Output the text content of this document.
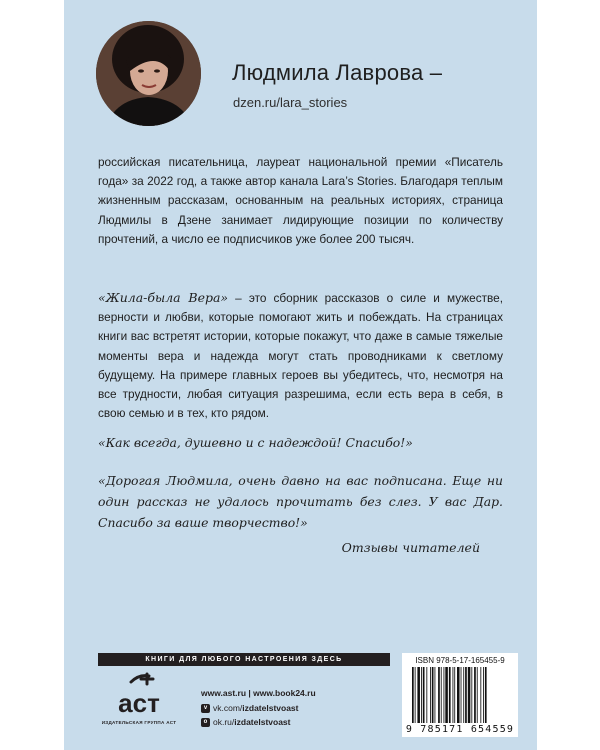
Людмила Лаврова –
dzen.ru/lara_stories

российская писательница, лауреат национальной премии «Писатель года» за 2022 год, а также автор канала Lara’s Stories. Благодаря теплым жизненным рассказам, основанным на реальных историях, страница Людмилы в Дзене занимает лидирующие позиции по количеству прочтений, а число ее подписчиков уже более 200 тысяч.

«Жила-была Вера» – это сборник рассказов о силе и мужестве, верности и любви, которые помогают жить и побеждать. На страницах книги вас встретят истории, которые покажут, что даже в самые тяжелые моменты вера и надежда могут стать проводниками к светлому будущему. На примере главных героев вы убедитесь, что, несмотря на все трудности, любая ситуация разрешима, если есть вера в себя, в свою семью и в тех, кто рядом.

«Как всегда, душевно и с надеждой! Спасибо!»

«Дорогая Людмила, очень давно на вас подписана. Еще ни один рассказ не удалось прочитать без слез. У вас Дар. Спасибо за ваше творчество!»

Отзывы читателей
КНИГИ ДЛЯ ЛЮБОГО НАСТРОЕНИЯ ЗДЕСЬ
аст
ИЗДАТЕЛЬСКАЯ ГРУППА АСТ
www.ast.ru | www.book24.ru
v vk.com/ izdatelstvoast
o ok.ru/ izdatelstvoast
ISBN 978-5-17-165455-9
9 785171 654559
